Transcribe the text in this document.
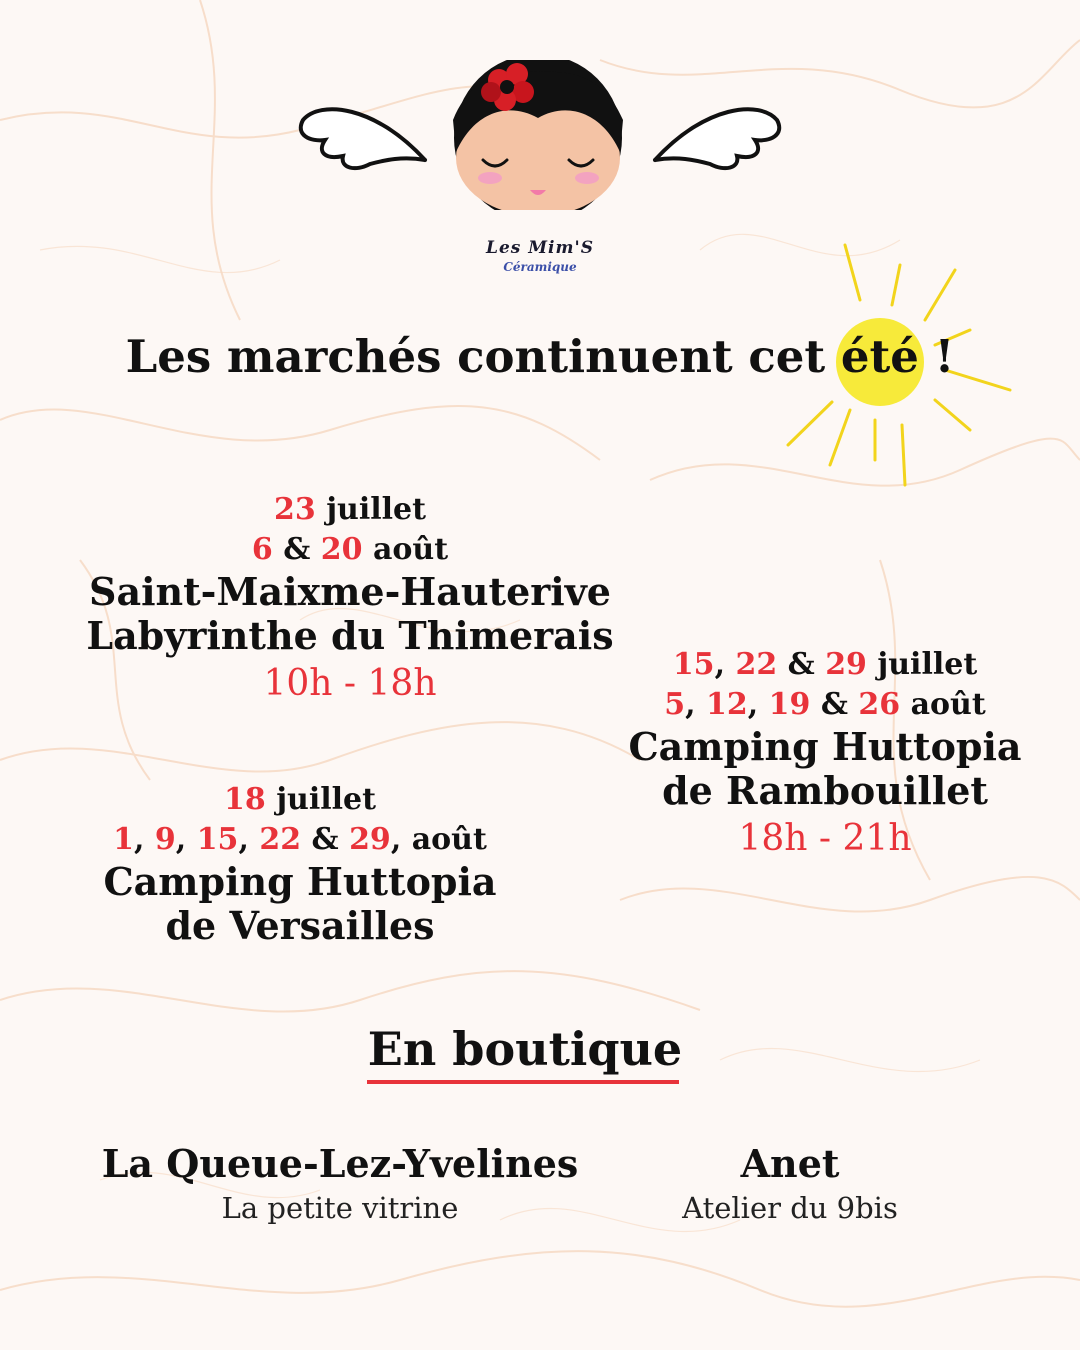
Les Mim'S
Céramique
Les marchés continuent cet été !
23 juillet
6 & 20 août
Saint-Maixme-Hauterive
Labyrinthe du Thimerais
10h - 18h	15, 22 & 29 juillet
5, 12, 19 & 26 août
Camping Huttopia
de Rambouillet
18h - 21h
18 juillet
1, 9, 15, 22 & 29, août
Camping Huttopia
de Versailles
En boutique
La Queue-Lez-Yvelines
La petite vitrine
Anet
Atelier du 9bis
